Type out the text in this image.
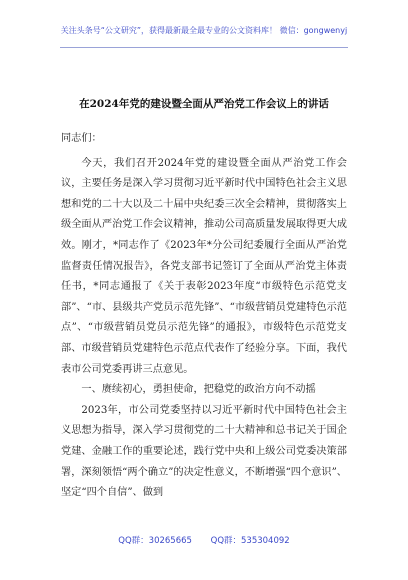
关注头条号“公文研究”，获得最新最全最专业的公文资料库！ 微信：gongwenyj
在2024年党的建设暨全面从严治党工作会议上的讲话

同志们：

今天，我们召开2024年党的建设暨全面从严治党工作会议，主要任务是深入学习贯彻习近平新时代中国特色社会主义思想和党的二十大以及二十届中央纪委三次全会精神，贯彻落实上级全面从严治党工作会议精神，推动公司高质量发展取得更大成效。刚才，*同志作了《2023年*分公司纪委履行全面从严治党监督责任情况报告》，各党支部书记签订了全面从严治党主体责任书，*同志通报了《关于表彰2023年度“市级特色示范党支部”、“市、县级共产党员示范先锋”、“市级营销员党建特色示范点”、“市级营销员党员示范先锋”的通报》，市级特色示范党支部、市级营销员党建特色示范点代表作了经验分享。下面，我代表市公司党委再讲三点意见。

一、赓续初心，勇担使命，把稳党的政治方向不动摇

2023年，市公司党委坚持以习近平新时代中国特色社会主义思想为指导，深入学习贯彻党的二十大精神和总书记关于国企党建、金融工作的重要论述，践行党中央和上级公司党委决策部署，深刻领悟“两个确立”的决定性意义，不断增强“四个意识”、坚定“四个自信”、做到

QQ群：30265665 QQ群：535304092
